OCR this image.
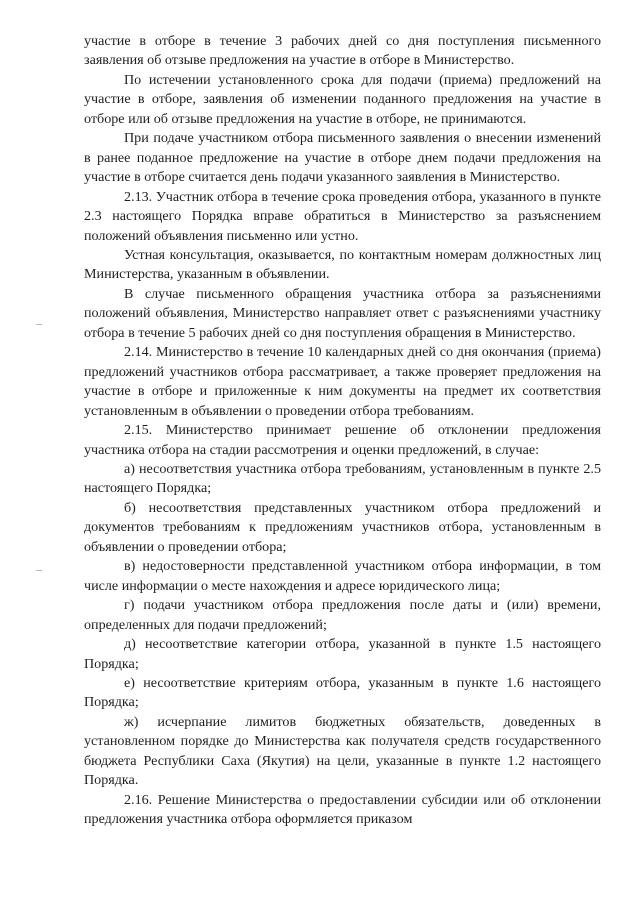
участие в отборе в течение 3 рабочих дней со дня поступления письменного заявления об отзыве предложения на участие в отборе в Министерство.

По истечении установленного срока для подачи (приема) предложений на участие в отборе, заявления об изменении поданного предложения на участие в отборе или об отзыве предложения на участие в отборе, не принимаются.

При подаче участником отбора письменного заявления о внесении изменений в ранее поданное предложение на участие в отборе днем подачи предложения на участие в отборе считается день подачи указанного заявления в Министерство.

2.13. Участник отбора в течение срока проведения отбора, указанного в пункте 2.3 настоящего Порядка вправе обратиться в Министерство за разъяснением положений объявления письменно или устно.

Устная консультация, оказывается, по контактным номерам должностных лиц Министерства, указанным в объявлении.

В случае письменного обращения участника отбора за разъяснениями положений объявления, Министерство направляет ответ с разъяснениями участнику отбора в течение 5 рабочих дней со дня поступления обращения в Министерство.

2.14. Министерство в течение 10 календарных дней со дня окончания (приема) предложений участников отбора рассматривает, а также проверяет предложения на участие в отборе и приложенные к ним документы на предмет их соответствия установленным в объявлении о проведении отбора требованиям.

2.15. Министерство принимает решение об отклонении предложения участника отбора на стадии рассмотрения и оценки предложений, в случае:

а) несоответствия участника отбора требованиям, установленным в пункте 2.5 настоящего Порядка;

б) несоответствия представленных участником отбора предложений и документов требованиям к предложениям участников отбора, установленным в объявлении о проведении отбора;

в) недостоверности представленной участником отбора информации, в том числе информации о месте нахождения и адресе юридического лица;

г) подачи участником отбора предложения после даты и (или) времени, определенных для подачи предложений;

д) несоответствие категории отбора, указанной в пункте 1.5 настоящего Порядка;

е) несоответствие критериям отбора, указанным в пункте 1.6 настоящего Порядка;

ж) исчерпание лимитов бюджетных обязательств, доведенных в установленном порядке до Министерства как получателя средств государственного бюджета Республики Саха (Якутия) на цели, указанные в пункте 1.2 настоящего Порядка.

2.16. Решение Министерства о предоставлении субсидии или об отклонении предложения участника отбора оформляется приказом
